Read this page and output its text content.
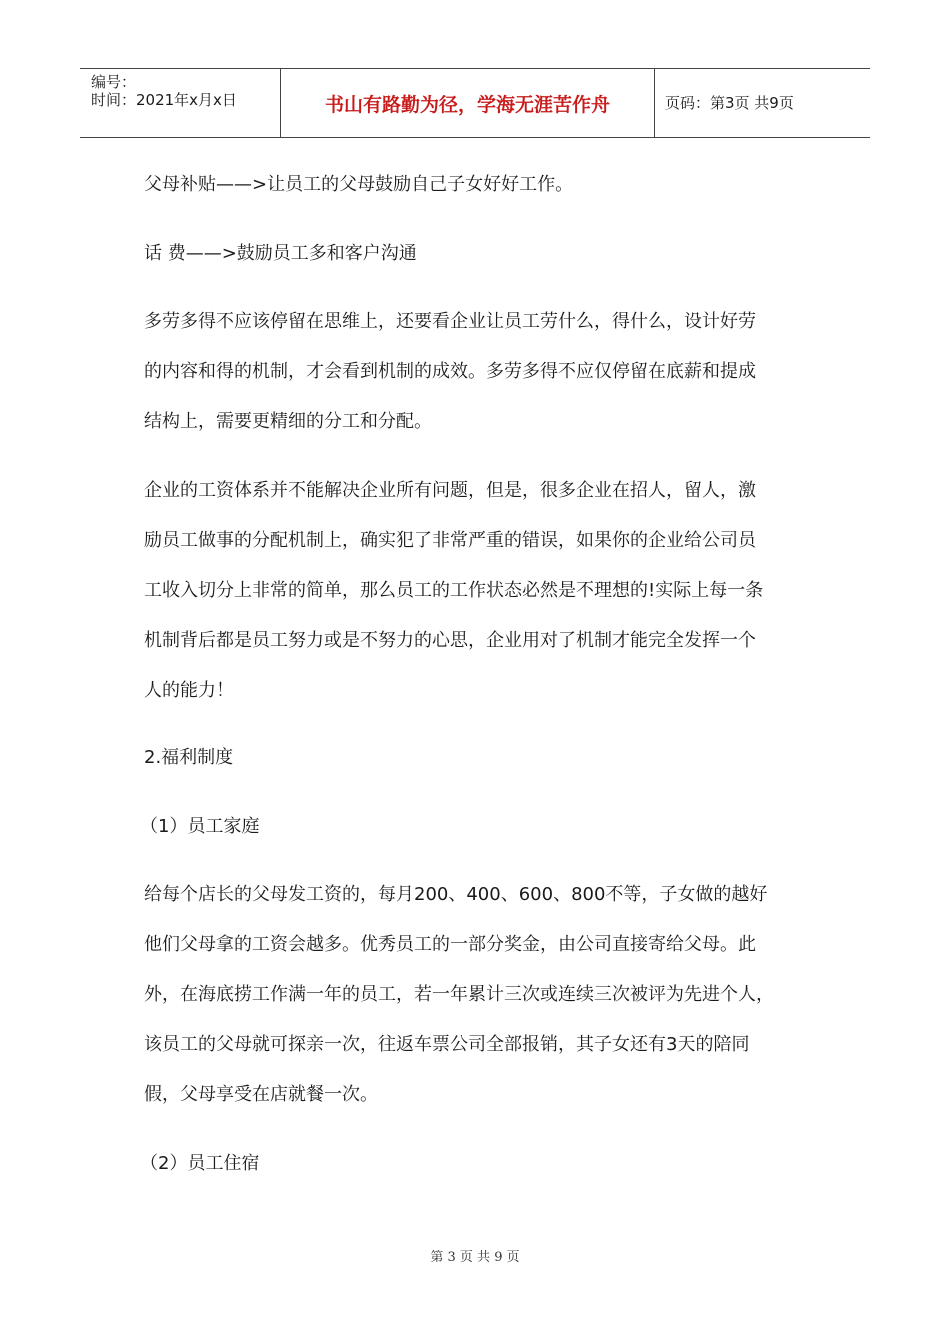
编号：
时间：2021年x月x日	书山有路勤为径，学海无涯苦作舟	页码：第3页 共9页

父母补贴——>让员工的父母鼓励自己子女好好工作。

话 费——>鼓励员工多和客户沟通

多劳多得不应该停留在思维上，还要看企业让员工劳什么，得什么，设计好劳
的内容和得的机制，才会看到机制的成效。多劳多得不应仅停留在底薪和提成
结构上，需要更精细的分工和分配。
企业的工资体系并不能解决企业所有问题，但是，很多企业在招人，留人，激
励员工做事的分配机制上，确实犯了非常严重的错误，如果你的企业给公司员
工收入切分上非常的简单，那么员工的工作状态必然是不理想的!实际上每一条
机制背后都是员工努力或是不努力的心思，企业用对了机制才能完全发挥一个
人的能力！

2.福利制度

（1）员工家庭

给每个店长的父母发工资的，每月200、400、600、800不等，子女做的越好
他们父母拿的工资会越多。优秀员工的一部分奖金，由公司直接寄给父母。此
外，在海底捞工作满一年的员工，若一年累计三次或连续三次被评为先进个人，
该员工的父母就可探亲一次，往返车票公司全部报销，其子女还有3天的陪同
假，父母享受在店就餐一次。

（2）员工住宿

第 3 页 共 9 页
